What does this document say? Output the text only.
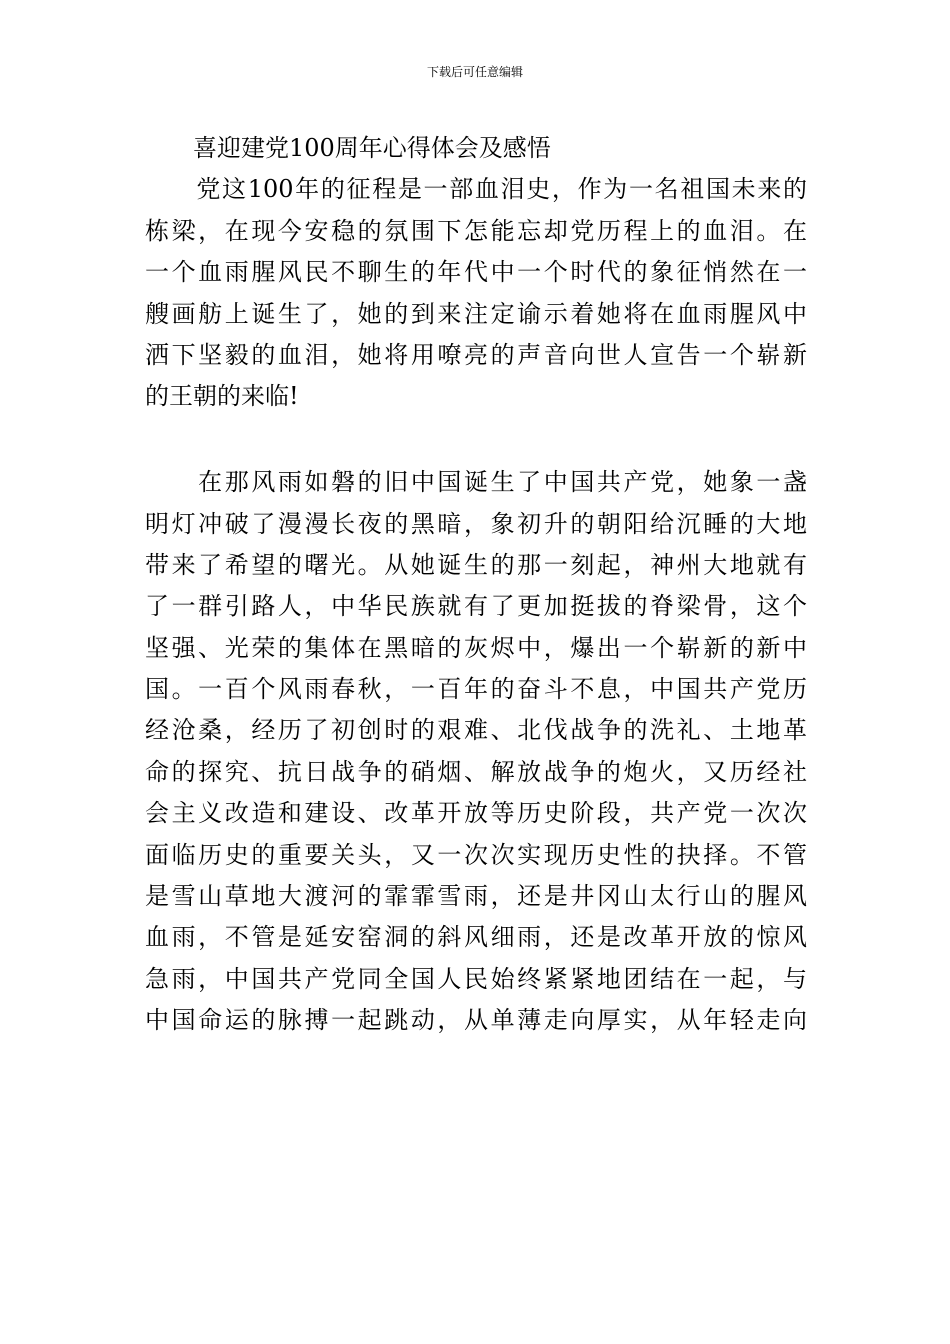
下载后可任意编辑
喜迎建党100周年心得体会及感悟
　　党这100年的征程是一部血泪史，作为一名祖国未来的
栋梁，在现今安稳的氛围下怎能忘却党历程上的血泪。在
一个血雨腥风民不聊生的年代中一个时代的象征悄然在一
艘画舫上诞生了，她的到来注定谕示着她将在血雨腥风中
洒下坚毅的血泪，她将用嘹亮的声音向世人宣告一个崭新
的王朝的来临!
　　在那风雨如磐的旧中国诞生了中国共产党，她象一盏
明灯冲破了漫漫长夜的黑暗，象初升的朝阳给沉睡的大地
带来了希望的曙光。从她诞生的那一刻起，神州大地就有
了一群引路人，中华民族就有了更加挺拔的脊梁骨，这个
坚强、光荣的集体在黑暗的灰烬中，爆出一个崭新的新中
国。一百个风雨春秋，一百年的奋斗不息，中国共产党历
经沧桑，经历了初创时的艰难、北伐战争的洗礼、土地革
命的探究、抗日战争的硝烟、解放战争的炮火，又历经社
会主义改造和建设、改革开放等历史阶段，共产党一次次
面临历史的重要关头，又一次次实现历史性的抉择。不管
是雪山草地大渡河的霏霏雪雨，还是井冈山太行山的腥风
血雨，不管是延安窑洞的斜风细雨，还是改革开放的惊风
急雨，中国共产党同全国人民始终紧紧地团结在一起，与
中国命运的脉搏一起跳动，从单薄走向厚实，从年轻走向
